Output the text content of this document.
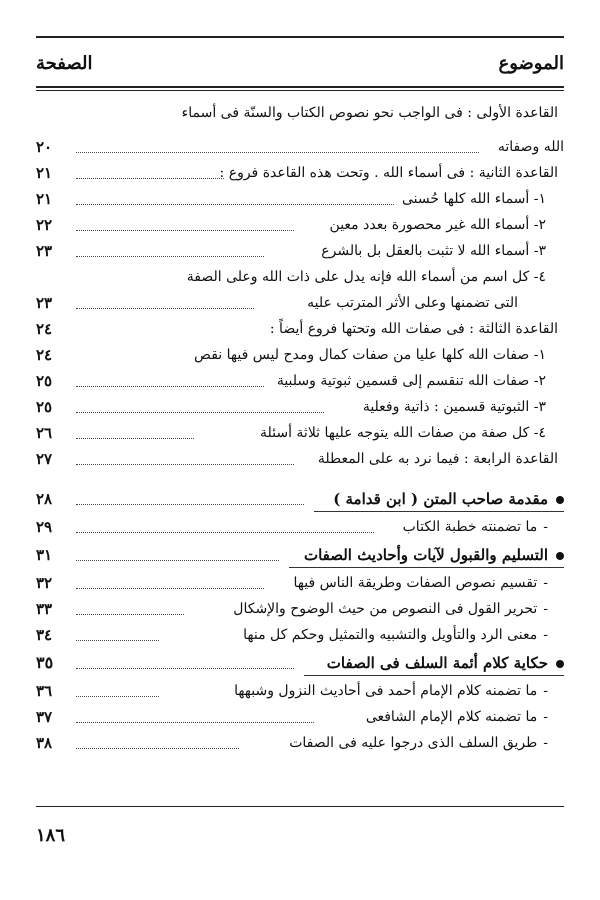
الموضوع
الصفحة
القاعدة الأولى : فى الواجب نحو نصوص الكتاب والسنّة فى أسماء
الله وصفاته
٢٠
القاعدة الثانية : فى أسماء الله . وتحت هذه القاعدة فروع :
٢١
١- أسماء الله كلها حُسنى
٢١
٢- أسماء الله غير محصورة بعدد معين
٢٢
٣- أسماء الله لا تثبت بالعقل بل بالشرع
٢٣
٤- كل اسم من أسماء الله فإنه يدل على ذات الله وعلى الصفة
التى تضمنها وعلى الأثر المترتب عليه
٢٣
القاعدة الثالثة : فى صفات الله وتحتها فروع أيضاً :
٢٤
١- صفات الله كلها عليا من صفات كمال ومدح ليس فيها نقص
٢٤
٢- صفات الله تنقسم إلى قسمين ثبوتية وسلبية
٢٥
٣- الثبوتية قسمين : ذاتية وفعلية
٢٥
٤- كل صفة من صفات الله يتوجه عليها ثلاثة أسئلة
٢٦
القاعدة الرابعة : فيما نرد به على المعطلة
٢٧
مقدمة صاحب المتن ( ابن قدامة )
٢٨
-ما تضمنته خطبة الكتاب
٢٩
التسليم والقبول لآيات وأحاديث الصفات
٣١
-تقسيم نصوص الصفات وطريقة الناس فيها
٣٢
-تحرير القول فى النصوص من حيث الوضوح والإشكال
٣٣
-معنى الرد والتأويل والتشبيه والتمثيل وحكم كل منها
٣٤
حكاية كلام أئمة السلف فى الصفات
٣٥
-ما تضمنه كلام الإمام أحمد فى أحاديث النزول وشبهها
٣٦
-ما تضمنه كلام الإمام الشافعى
٣٧
-طريق السلف الذى درجوا عليه فى الصفات
٣٨
١٨٦
